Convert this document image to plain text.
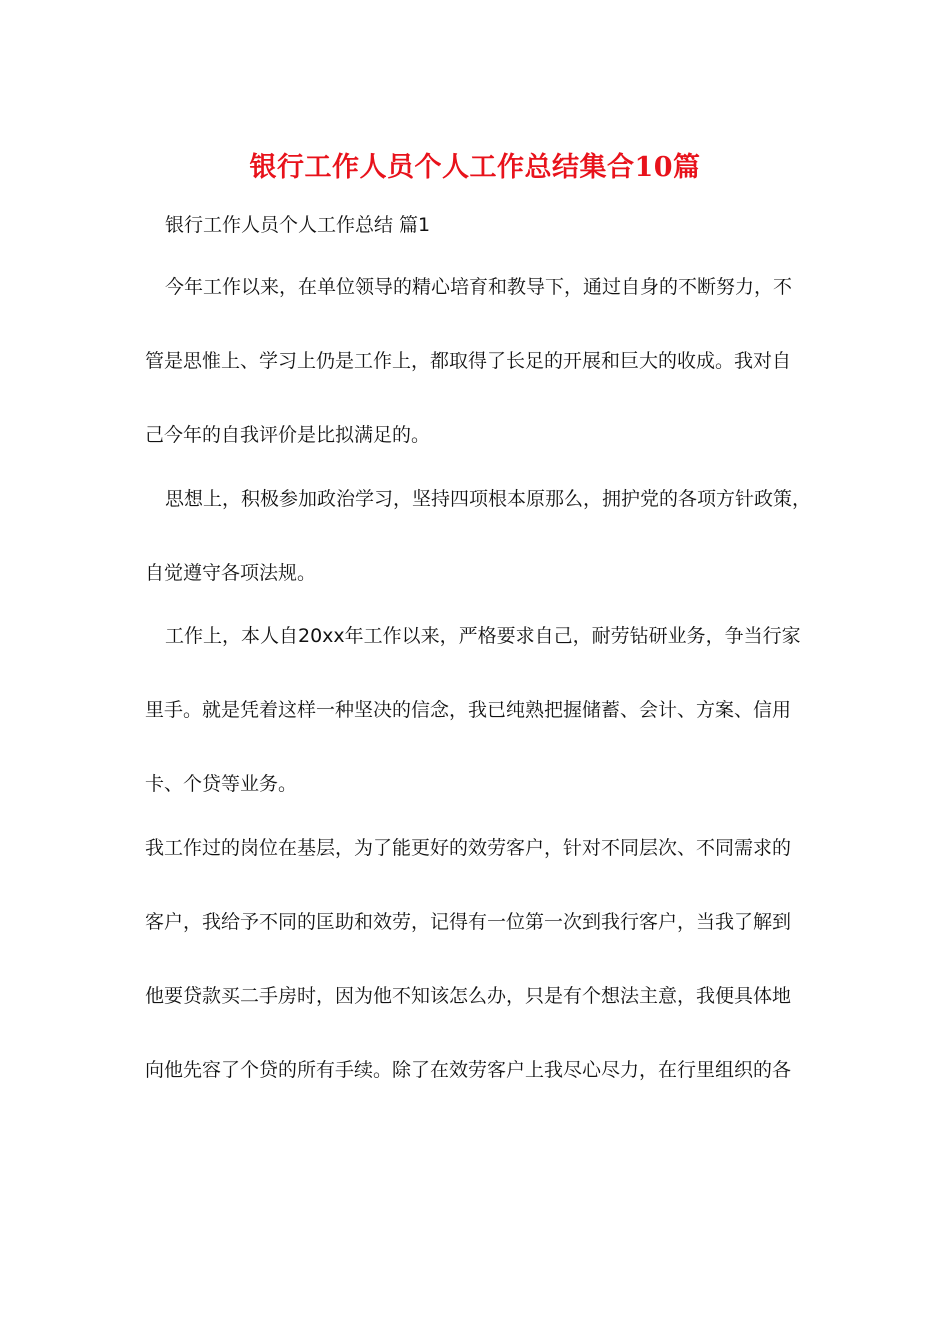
银行工作人员个人工作总结集合10篇
银行工作人员个人工作总结 篇1
今年工作以来，在单位领导的精心培育和教导下，通过自身的不断努力，不
管是思惟上、学习上仍是工作上，都取得了长足的开展和巨大的收成。我对自
己今年的自我评价是比拟满足的。
思想上，积极参加政治学习，坚持四项根本原那么，拥护党的各项方针政策，
自觉遵守各项法规。
工作上，本人自20xx年工作以来，严格要求自己，耐劳钻研业务，争当行家
里手。就是凭着这样一种坚决的信念，我已纯熟把握储蓄、会计、方案、信用
卡、个贷等业务。
我工作过的岗位在基层，为了能更好的效劳客户，针对不同层次、不同需求的
客户，我给予不同的匡助和效劳，记得有一位第一次到我行客户，当我了解到
他要贷款买二手房时，因为他不知该怎么办，只是有个想法主意，我便具体地
向他先容了个贷的所有手续。除了在效劳客户上我尽心尽力，在行里组织的各
